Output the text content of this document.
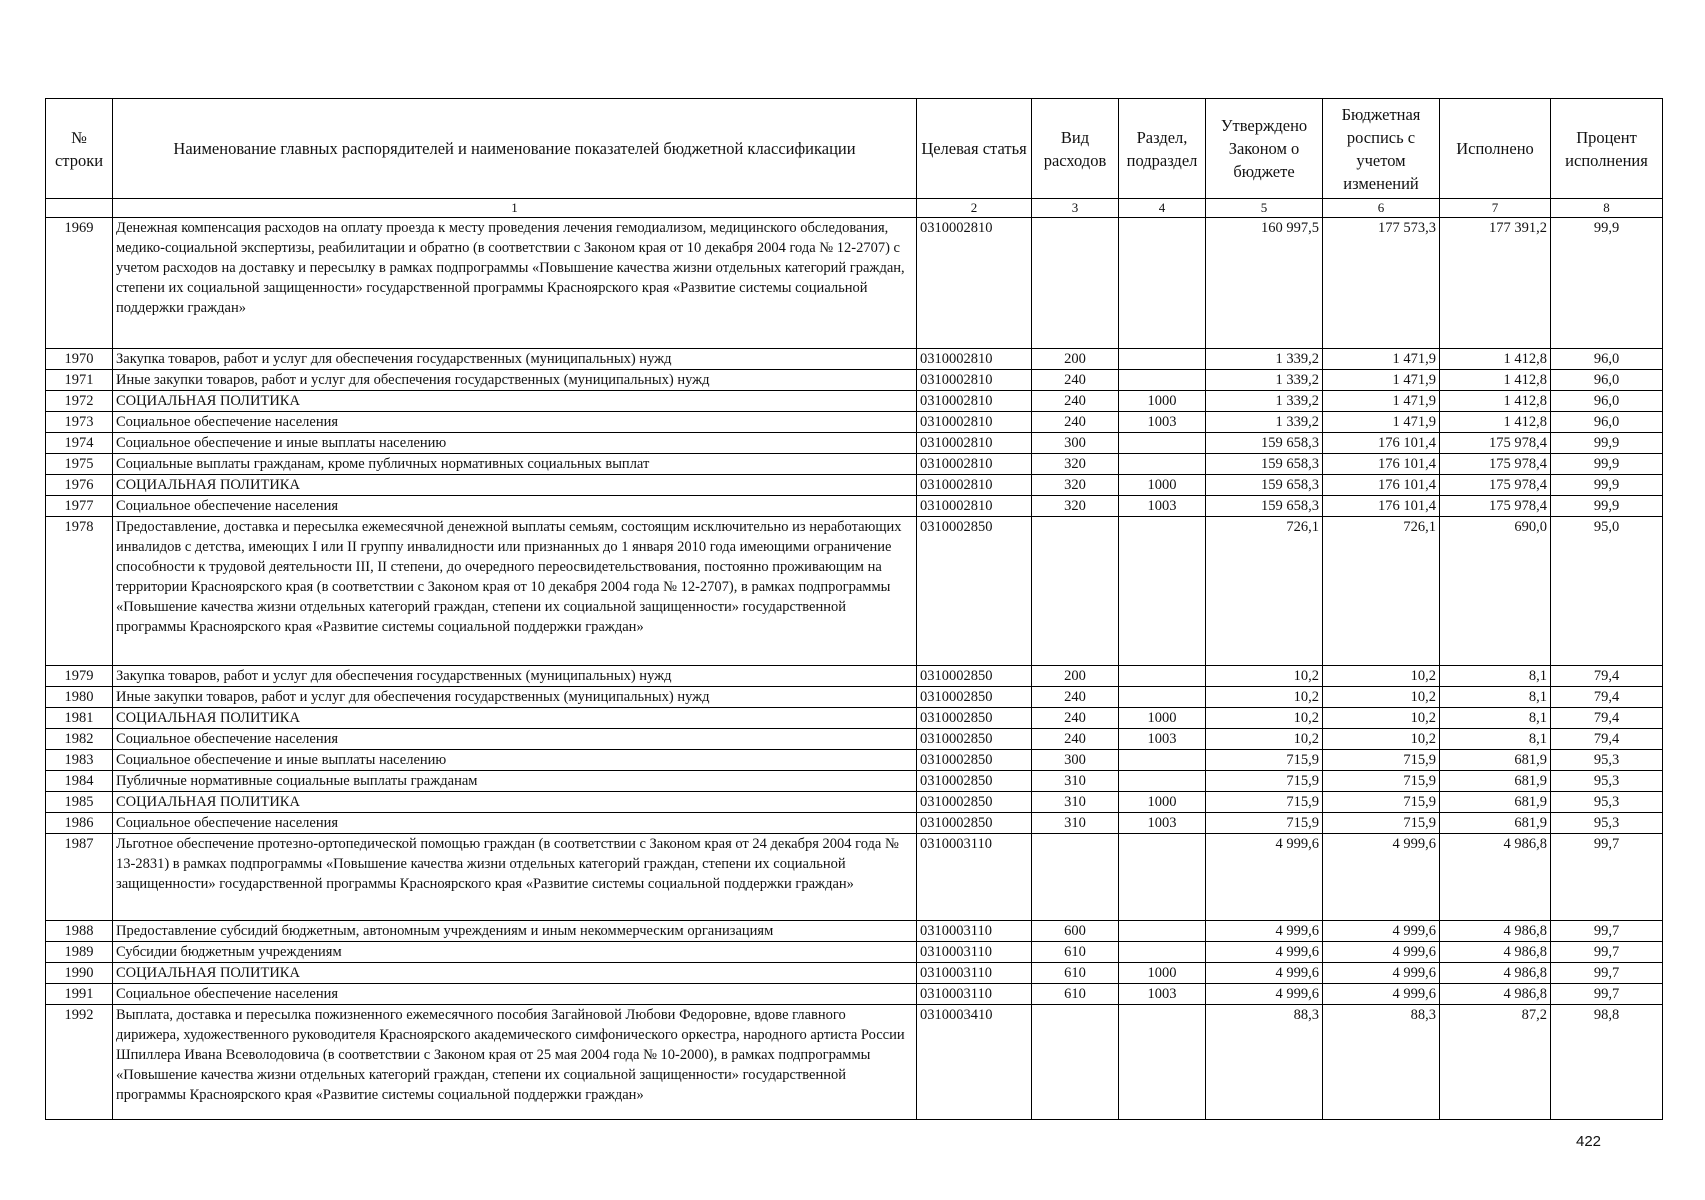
№ строки	Наименование главных распорядителей и наименование показателей бюджетной классификации	Целевая статья	Вид расходов	Раздел, подраздел	Утверждено Законом о бюджете	Бюджетная роспись с учетом изменений	Исполнено	Процент исполнения
	1	2	3	4	5	6	7	8
1969	Денежная компенсация расходов на оплату проезда к месту проведения лечения гемодиализом, медицинского обследования, медико-социальной экспертизы, реабилитации и обратно (в соответствии с Законом края от 10 декабря 2004 года № 12-2707) с учетом расходов на доставку и пересылку в рамках подпрограммы «Повышение качества жизни отдельных категорий граждан, степени их социальной защищенности» государственной программы Красноярского края «Развитие системы социальной поддержки граждан»	0310002810			160 997,5	177 573,3	177 391,2	99,9
1970	Закупка товаров, работ и услуг для обеспечения государственных (муниципальных) нужд	0310002810	200		1 339,2	1 471,9	1 412,8	96,0
1971	Иные закупки товаров, работ и услуг для обеспечения государственных (муниципальных) нужд	0310002810	240		1 339,2	1 471,9	1 412,8	96,0
1972	СОЦИАЛЬНАЯ ПОЛИТИКА	0310002810	240	1000	1 339,2	1 471,9	1 412,8	96,0
1973	Социальное обеспечение населения	0310002810	240	1003	1 339,2	1 471,9	1 412,8	96,0
1974	Социальное обеспечение и иные выплаты населению	0310002810	300		159 658,3	176 101,4	175 978,4	99,9
1975	Социальные выплаты гражданам, кроме публичных нормативных социальных выплат	0310002810	320		159 658,3	176 101,4	175 978,4	99,9
1976	СОЦИАЛЬНАЯ ПОЛИТИКА	0310002810	320	1000	159 658,3	176 101,4	175 978,4	99,9
1977	Социальное обеспечение населения	0310002810	320	1003	159 658,3	176 101,4	175 978,4	99,9
1978	Предоставление, доставка и пересылка ежемесячной денежной выплаты семьям, состоящим исключительно из неработающих инвалидов с детства, имеющих I или II группу инвалидности или признанных до 1 января 2010 года имеющими ограничение способности к трудовой деятельности III, II степени, до очередного переосвидетельствования, постоянно проживающим на территории Красноярского края (в соответствии с Законом края от 10 декабря 2004 года № 12-2707), в рамках подпрограммы «Повышение качества жизни отдельных категорий граждан, степени их социальной защищенности» государственной программы Красноярского края «Развитие системы социальной поддержки граждан»	0310002850			726,1	726,1	690,0	95,0
1979	Закупка товаров, работ и услуг для обеспечения государственных (муниципальных) нужд	0310002850	200		10,2	10,2	8,1	79,4
1980	Иные закупки товаров, работ и услуг для обеспечения государственных (муниципальных) нужд	0310002850	240		10,2	10,2	8,1	79,4
1981	СОЦИАЛЬНАЯ ПОЛИТИКА	0310002850	240	1000	10,2	10,2	8,1	79,4
1982	Социальное обеспечение населения	0310002850	240	1003	10,2	10,2	8,1	79,4
1983	Социальное обеспечение и иные выплаты населению	0310002850	300		715,9	715,9	681,9	95,3
1984	Публичные нормативные социальные выплаты гражданам	0310002850	310		715,9	715,9	681,9	95,3
1985	СОЦИАЛЬНАЯ ПОЛИТИКА	0310002850	310	1000	715,9	715,9	681,9	95,3
1986	Социальное обеспечение населения	0310002850	310	1003	715,9	715,9	681,9	95,3
1987	Льготное обеспечение протезно-ортопедической помощью граждан (в соответствии с Законом края от 24 декабря 2004 года № 13-2831) в рамках подпрограммы «Повышение качества жизни отдельных категорий граждан, степени их социальной защищенности» государственной программы Красноярского края «Развитие системы социальной поддержки граждан»	0310003110			4 999,6	4 999,6	4 986,8	99,7
1988	Предоставление субсидий бюджетным, автономным учреждениям и иным некоммерческим организациям	0310003110	600		4 999,6	4 999,6	4 986,8	99,7
1989	Субсидии бюджетным учреждениям	0310003110	610		4 999,6	4 999,6	4 986,8	99,7
1990	СОЦИАЛЬНАЯ ПОЛИТИКА	0310003110	610	1000	4 999,6	4 999,6	4 986,8	99,7
1991	Социальное обеспечение населения	0310003110	610	1003	4 999,6	4 999,6	4 986,8	99,7
1992	Выплата, доставка и пересылка пожизненного ежемесячного пособия Загайновой Любови Федоровне, вдове главного дирижера, художественного руководителя Красноярского академического симфонического оркестра, народного артиста России Шпиллера Ивана Всеволодовича (в соответствии с Законом края от 25 мая 2004 года № 10-2000), в рамках подпрограммы «Повышение качества жизни отдельных категорий граждан, степени их социальной защищенности» государственной программы Красноярского края «Развитие системы социальной поддержки граждан»	0310003410			88,3	88,3	87,2	98,8
422
